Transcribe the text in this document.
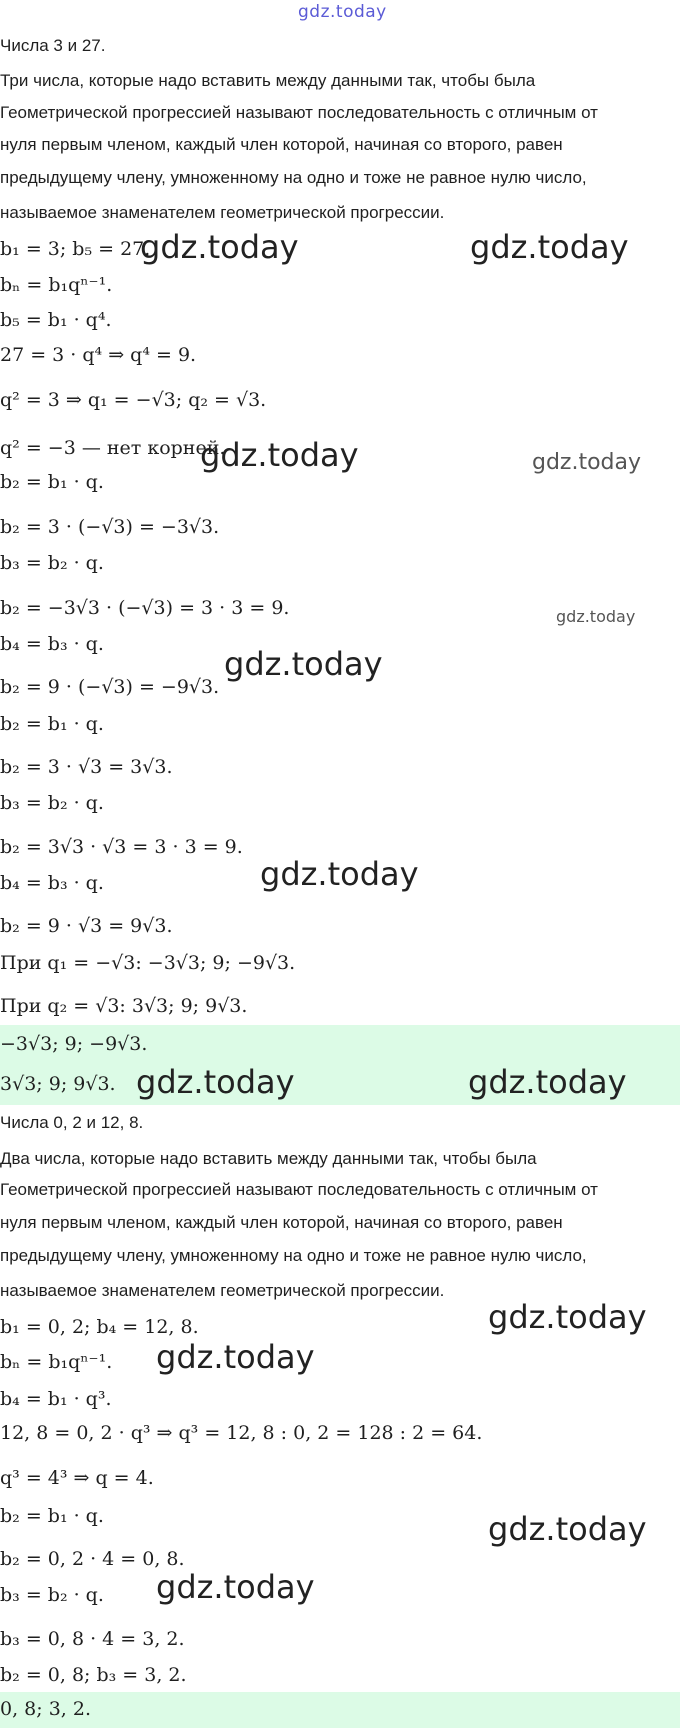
gdz.today
Числа 3 и 27.
Три числа, которые надо вставить между данными так, чтобы была
Геометрической прогрессией называют последовательность с отличным от
нуля первым членом, каждый член которой, начиная со второго, равен
предыдущему члену, умноженному на одно и тоже не равное нулю число,
называемое знаменателем геометрической прогрессии.
b₁ = 3; b₅ = 27.
bₙ = b₁qⁿ⁻¹.
b₅ = b₁ · q⁴.
27 = 3 · q⁴ ⇒ q⁴ = 9.
q² = 3 ⇒ q₁ = −√3; q₂ = √3.
q² = −3 — нет корней.
b₂ = b₁ · q.
b₂ = 3 · (−√3) = −3√3.
b₃ = b₂ · q.
b₂ = −3√3 · (−√3) = 3 · 3 = 9.
b₄ = b₃ · q.
b₂ = 9 · (−√3) = −9√3.
b₂ = b₁ · q.
b₂ = 3 · √3 = 3√3.
b₃ = b₂ · q.
b₂ = 3√3 · √3 = 3 · 3 = 9.
b₄ = b₃ · q.
b₂ = 9 · √3 = 9√3.
При q₁ = −√3: −3√3; 9; −9√3.
При q₂ = √3: 3√3; 9; 9√3.
−3√3; 9; −9√3.
3√3; 9; 9√3.
Числа 0, 2 и 12, 8.
Два числа, которые надо вставить между данными так, чтобы была
Геометрической прогрессией называют последовательность с отличным от
нуля первым членом, каждый член которой, начиная со второго, равен
предыдущему члену, умноженному на одно и тоже не равное нулю число,
называемое знаменателем геометрической прогрессии.
b₁ = 0, 2; b₄ = 12, 8.
bₙ = b₁qⁿ⁻¹.
b₄ = b₁ · q³.
12, 8 = 0, 2 · q³ ⇒ q³ = 12, 8 : 0, 2 = 128 : 2 = 64.
q³ = 4³ ⇒ q = 4.
b₂ = b₁ · q.
b₂ = 0, 2 · 4 = 0, 8.
b₃ = b₂ · q.
b₃ = 0, 8 · 4 = 3, 2.
b₂ = 0, 8; b₃ = 3, 2.
0, 8; 3, 2.
gdz.today	gdz.today
gdz.today	gdz.today
gdz.today
gdz.today
gdz.today
gdz.today	gdz.today
gdz.today
gdz.today
gdz.today
gdz.today
